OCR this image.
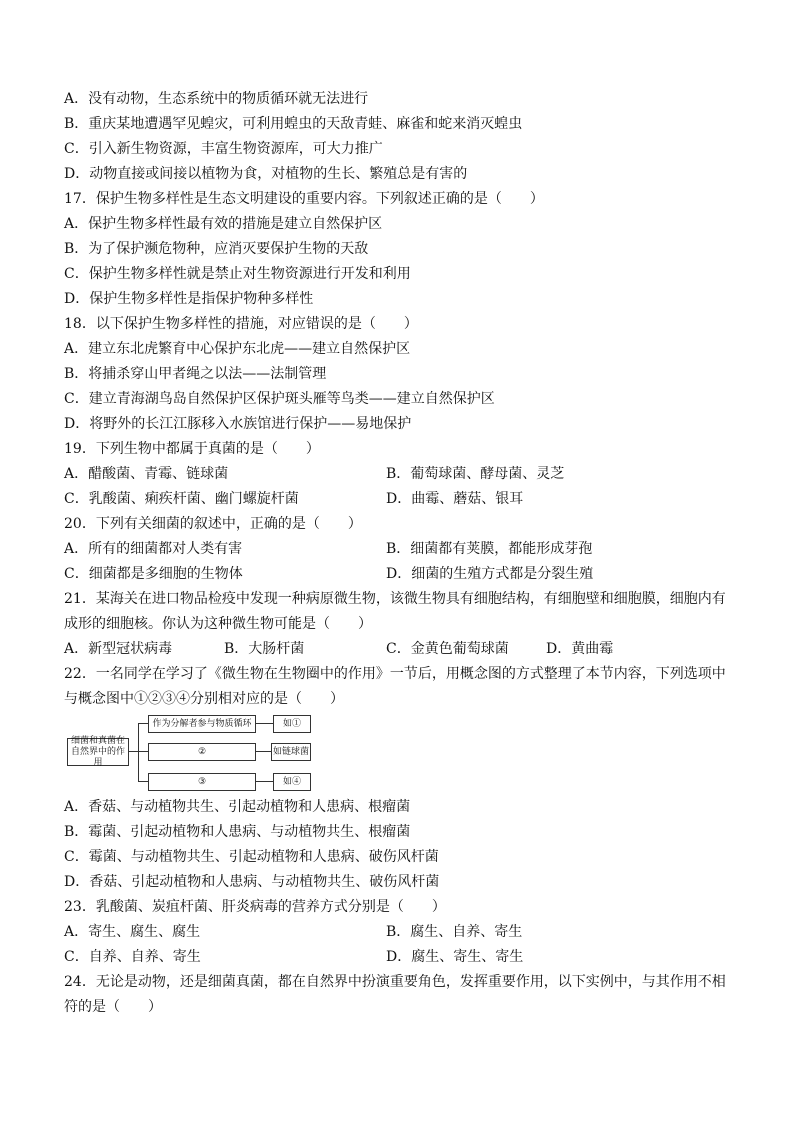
A．没有动物，生态系统中的物质循环就无法进行
B．重庆某地遭遇罕见蝗灾，可利用蝗虫的天敌青蛙、麻雀和蛇来消灭蝗虫
C．引入新生物资源，丰富生物资源库，可大力推广
D．动物直接或间接以植物为食，对植物的生长、繁殖总是有害的
17．保护生物多样性是生态文明建设的重要内容。下列叙述正确的是（　　）
A．保护生物多样性最有效的措施是建立自然保护区
B．为了保护濒危物种，应消灭要保护生物的天敌
C．保护生物多样性就是禁止对生物资源进行开发和利用
D．保护生物多样性是指保护物种多样性
18．以下保护生物多样性的措施，对应错误的是（　　）
A．建立东北虎繁育中心保护东北虎——建立自然保护区
B．将捕杀穿山甲者绳之以法——法制管理
C．建立青海湖鸟岛自然保护区保护斑头雁等鸟类——建立自然保护区
D．将野外的长江江豚移入水族馆进行保护——易地保护
19．下列生物中都属于真菌的是（　　）
A．醋酸菌、青霉、链球菌	B．葡萄球菌、酵母菌、灵芝
C．乳酸菌、痢疾杆菌、幽门螺旋杆菌	D．曲霉、蘑菇、银耳
20．下列有关细菌的叙述中，正确的是（　　）
A．所有的细菌都对人类有害	B．细菌都有荚膜，都能形成芽孢
C．细菌都是多细胞的生物体	D．细菌的生殖方式都是分裂生殖
21．某海关在进口物品检疫中发现一种病原微生物，该微生物具有细胞结构，有细胞壁和细胞膜，细胞内有
成形的细胞核。你认为这种微生物可能是（　　）
A．新型冠状病毒	B．大肠杆菌	C．金黄色葡萄球菌	D．黄曲霉
22．一名同学在学习了《微生物在生物圈中的作用》一节后，用概念图的方式整理了本节内容，下列选项中
与概念图中①②③④分别相对应的是（　　）
细菌和真菌在自然界中的作用
作为分解者参与物质循环	如①
②	如链球菌
③	如④
A．香菇、与动植物共生、引起动植物和人患病、根瘤菌
B．霉菌、引起动植物和人患病、与动植物共生、根瘤菌
C．霉菌、与动植物共生、引起动植物和人患病、破伤风杆菌
D．香菇、引起动植物和人患病、与动植物共生、破伤风杆菌
23．乳酸菌、炭疽杆菌、肝炎病毒的营养方式分别是（　　）
A．寄生、腐生、腐生	B．腐生、自养、寄生
C．自养、自养、寄生	D．腐生、寄生、寄生
24．无论是动物，还是细菌真菌，都在自然界中扮演重要角色，发挥重要作用，以下实例中，与其作用不相
符的是（　　）
